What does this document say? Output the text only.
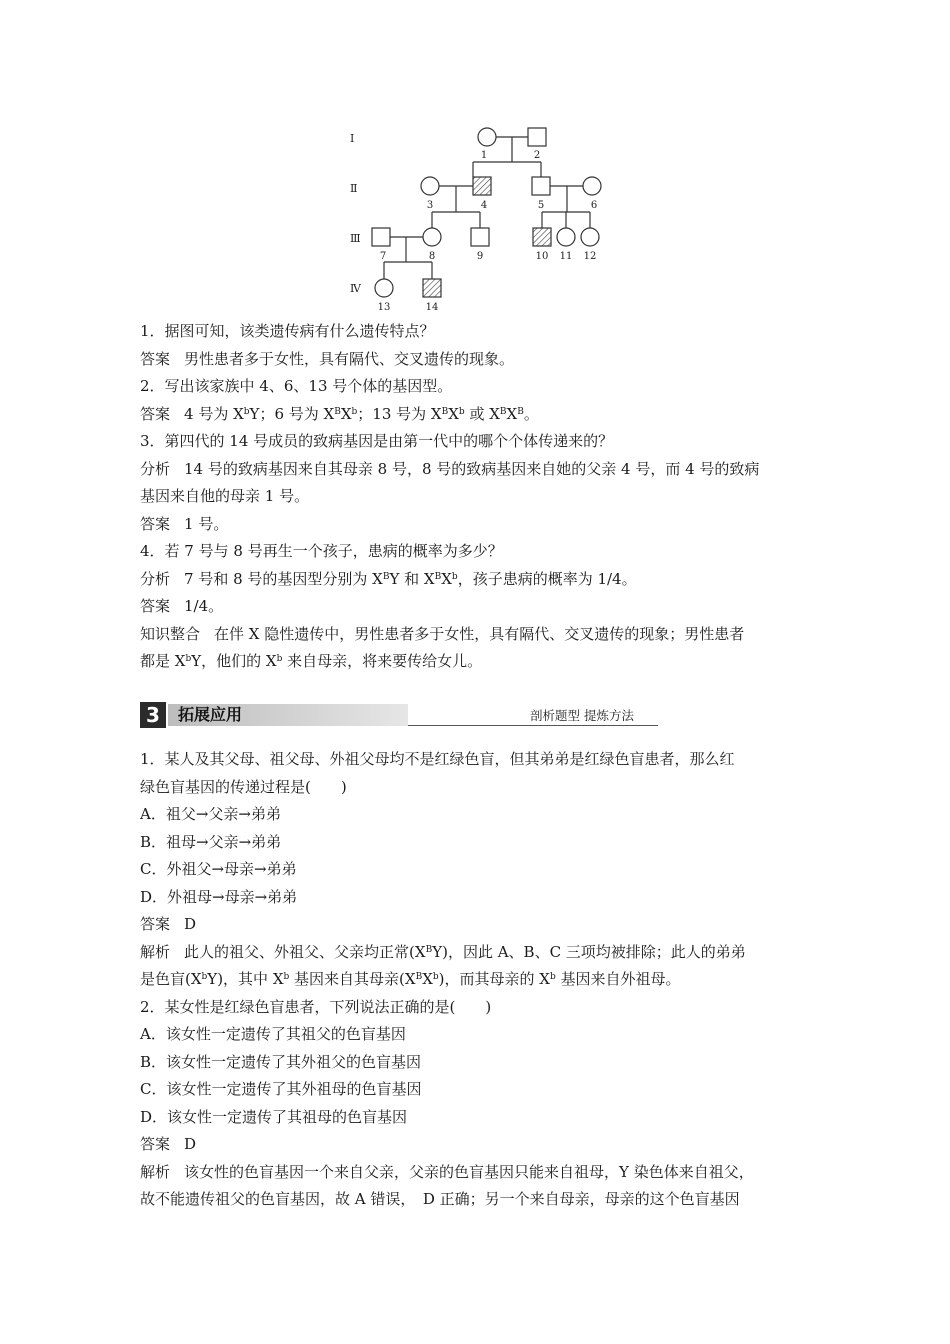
Ⅰ
Ⅱ
Ⅲ
Ⅳ
1	2
3	4	5	6
7	8	9	10 11 12
13	14
1．据图可知，该类遗传病有什么遗传特点？
答案 男性患者多于女性，具有隔代、交叉遗传的现象。
2．写出该家族中 4、6、13 号个体的基因型。
答案 4 号为 $X^bY$；6 号为 $X^BX^b$；13 号为 $X^BX^b$ 或 $X^BX^B$。
3．第四代的 14 号成员的致病基因是由第一代中的哪个个体传递来的？
分析 14 号的致病基因来自其母亲 8 号，8 号的致病基因来自她的父亲 4 号，而 4 号的致病
基因来自他的母亲 1 号。
答案 1 号。
4．若 7 号与 8 号再生一个孩子，患病的概率为多少？
分析 7 号和 8 号的基因型分别为 $X^BY$ 和 $X^BX^b$，孩子患病的概率为 1/4。
答案 1/4。
知识整合 在伴 X 隐性遗传中，男性患者多于女性，具有隔代、交叉遗传的现象；男性患者
都是 $X^bY$，他们的 $X^b$ 来自母亲，将来要传给女儿。
3	拓展应用	剖析题型 提炼方法
1．某人及其父母、祖父母、外祖父母均不是红绿色盲，但其弟弟是红绿色盲患者，那么红
绿色盲基因的传递过程是(　　)
A．祖父→父亲→弟弟
B．祖母→父亲→弟弟
C．外祖父→母亲→弟弟
D．外祖母→母亲→弟弟
答案 D
解析 此人的祖父、外祖父、父亲均正常$(X^BY)$，因此 A、B、C 三项均被排除；此人的弟弟
是色盲$(X^bY)$，其中 $X^b$ 基因来自其母亲$(X^BX^b)$，而其母亲的 $X^b$ 基因来自外祖母。
2．某女性是红绿色盲患者，下列说法正确的是(　　)
A．该女性一定遗传了其祖父的色盲基因
B．该女性一定遗传了其外祖父的色盲基因
C．该女性一定遗传了其外祖母的色盲基因
D．该女性一定遗传了其祖母的色盲基因
答案 D
解析 该女性的色盲基因一个来自父亲，父亲的色盲基因只能来自祖母，Y 染色体来自祖父，
故不能遗传祖父的色盲基因，故 A 错误，　D 正确；另一个来自母亲，母亲的这个色盲基因
